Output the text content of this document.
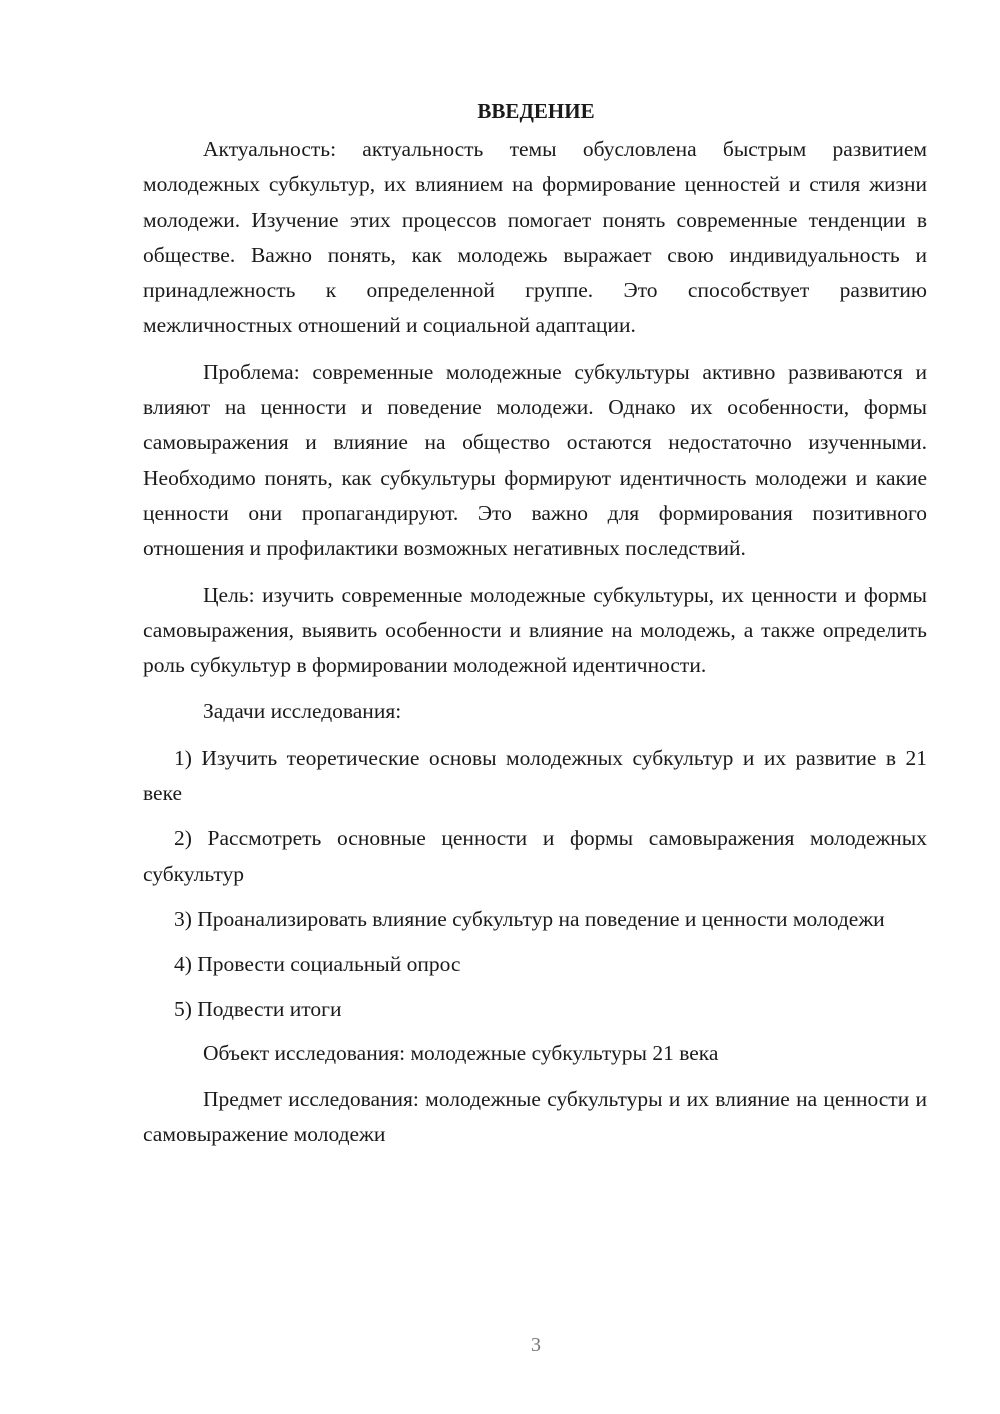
ВВЕДЕНИЕ

Актуальность: актуальность темы обусловлена быстрым развитием молодежных субкультур, их влиянием на формирование ценностей и стиля жизни молодежи. Изучение этих процессов помогает понять современные тенденции в обществе. Важно понять, как молодежь выражает свою индивидуальность и принадлежность к определенной группе. Это способствует развитию межличностных отношений и социальной адаптации.

Проблема: современные молодежные субкультуры активно развиваются и влияют на ценности и поведение молодежи. Однако их особенности, формы самовыражения и влияние на общество остаются недостаточно изученными. Необходимо понять, как субкультуры формируют идентичность молодежи и какие ценности они пропагандируют. Это важно для формирования позитивного отношения и профилактики возможных негативных последствий.

Цель: изучить современные молодежные субкультуры, их ценности и формы самовыражения, выявить особенности и влияние на молодежь, а также определить роль субкультур в формировании молодежной идентичности.

Задачи исследования:

1) Изучить теоретические основы молодежных субкультур и их развитие в 21 веке

2) Рассмотреть основные ценности и формы самовыражения молодежных субкультур

3) Проанализировать влияние субкультур на поведение и ценности молодежи

4) Провести социальный опрос

5) Подвести итоги

Объект исследования: молодежные субкультуры 21 века

Предмет исследования: молодежные субкультуры и их влияние на ценности и самовыражение молодежи

3
